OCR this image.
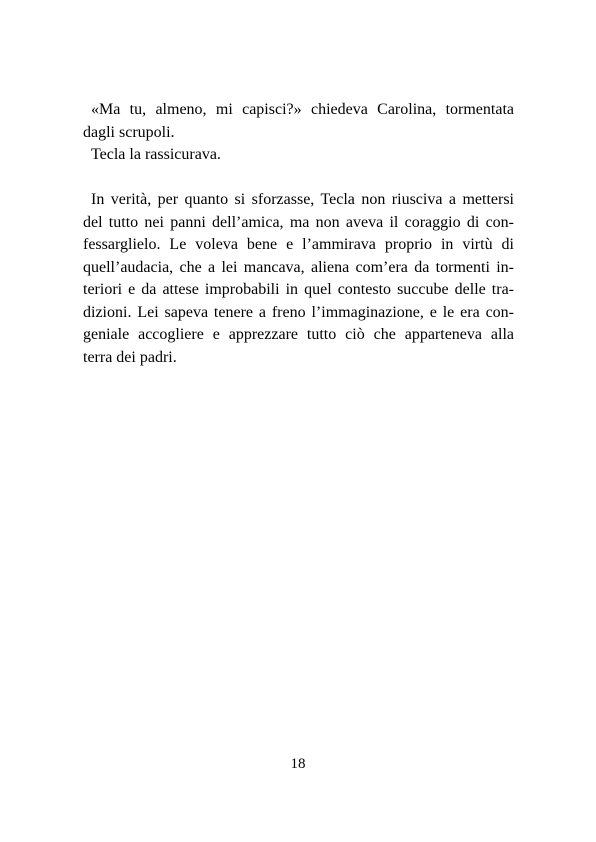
«Ma tu, almeno, mi capisci?» chiedeva Carolina, tormentata
dagli scrupoli.
Tecla la rassicurava.
In verità, per quanto si sforzasse, Tecla non riusciva a mettersi
del tutto nei panni dell’amica, ma non aveva il coraggio di con-
fessarglielo. Le voleva bene e l’ammirava proprio in virtù di
quell’audacia, che a lei mancava, aliena com’era da tormenti in-
teriori e da attese improbabili in quel contesto succube delle tra-
dizioni. Lei sapeva tenere a freno l’immaginazione, e le era con-
geniale accogliere e apprezzare tutto ciò che apparteneva alla
terra dei padri.
18
